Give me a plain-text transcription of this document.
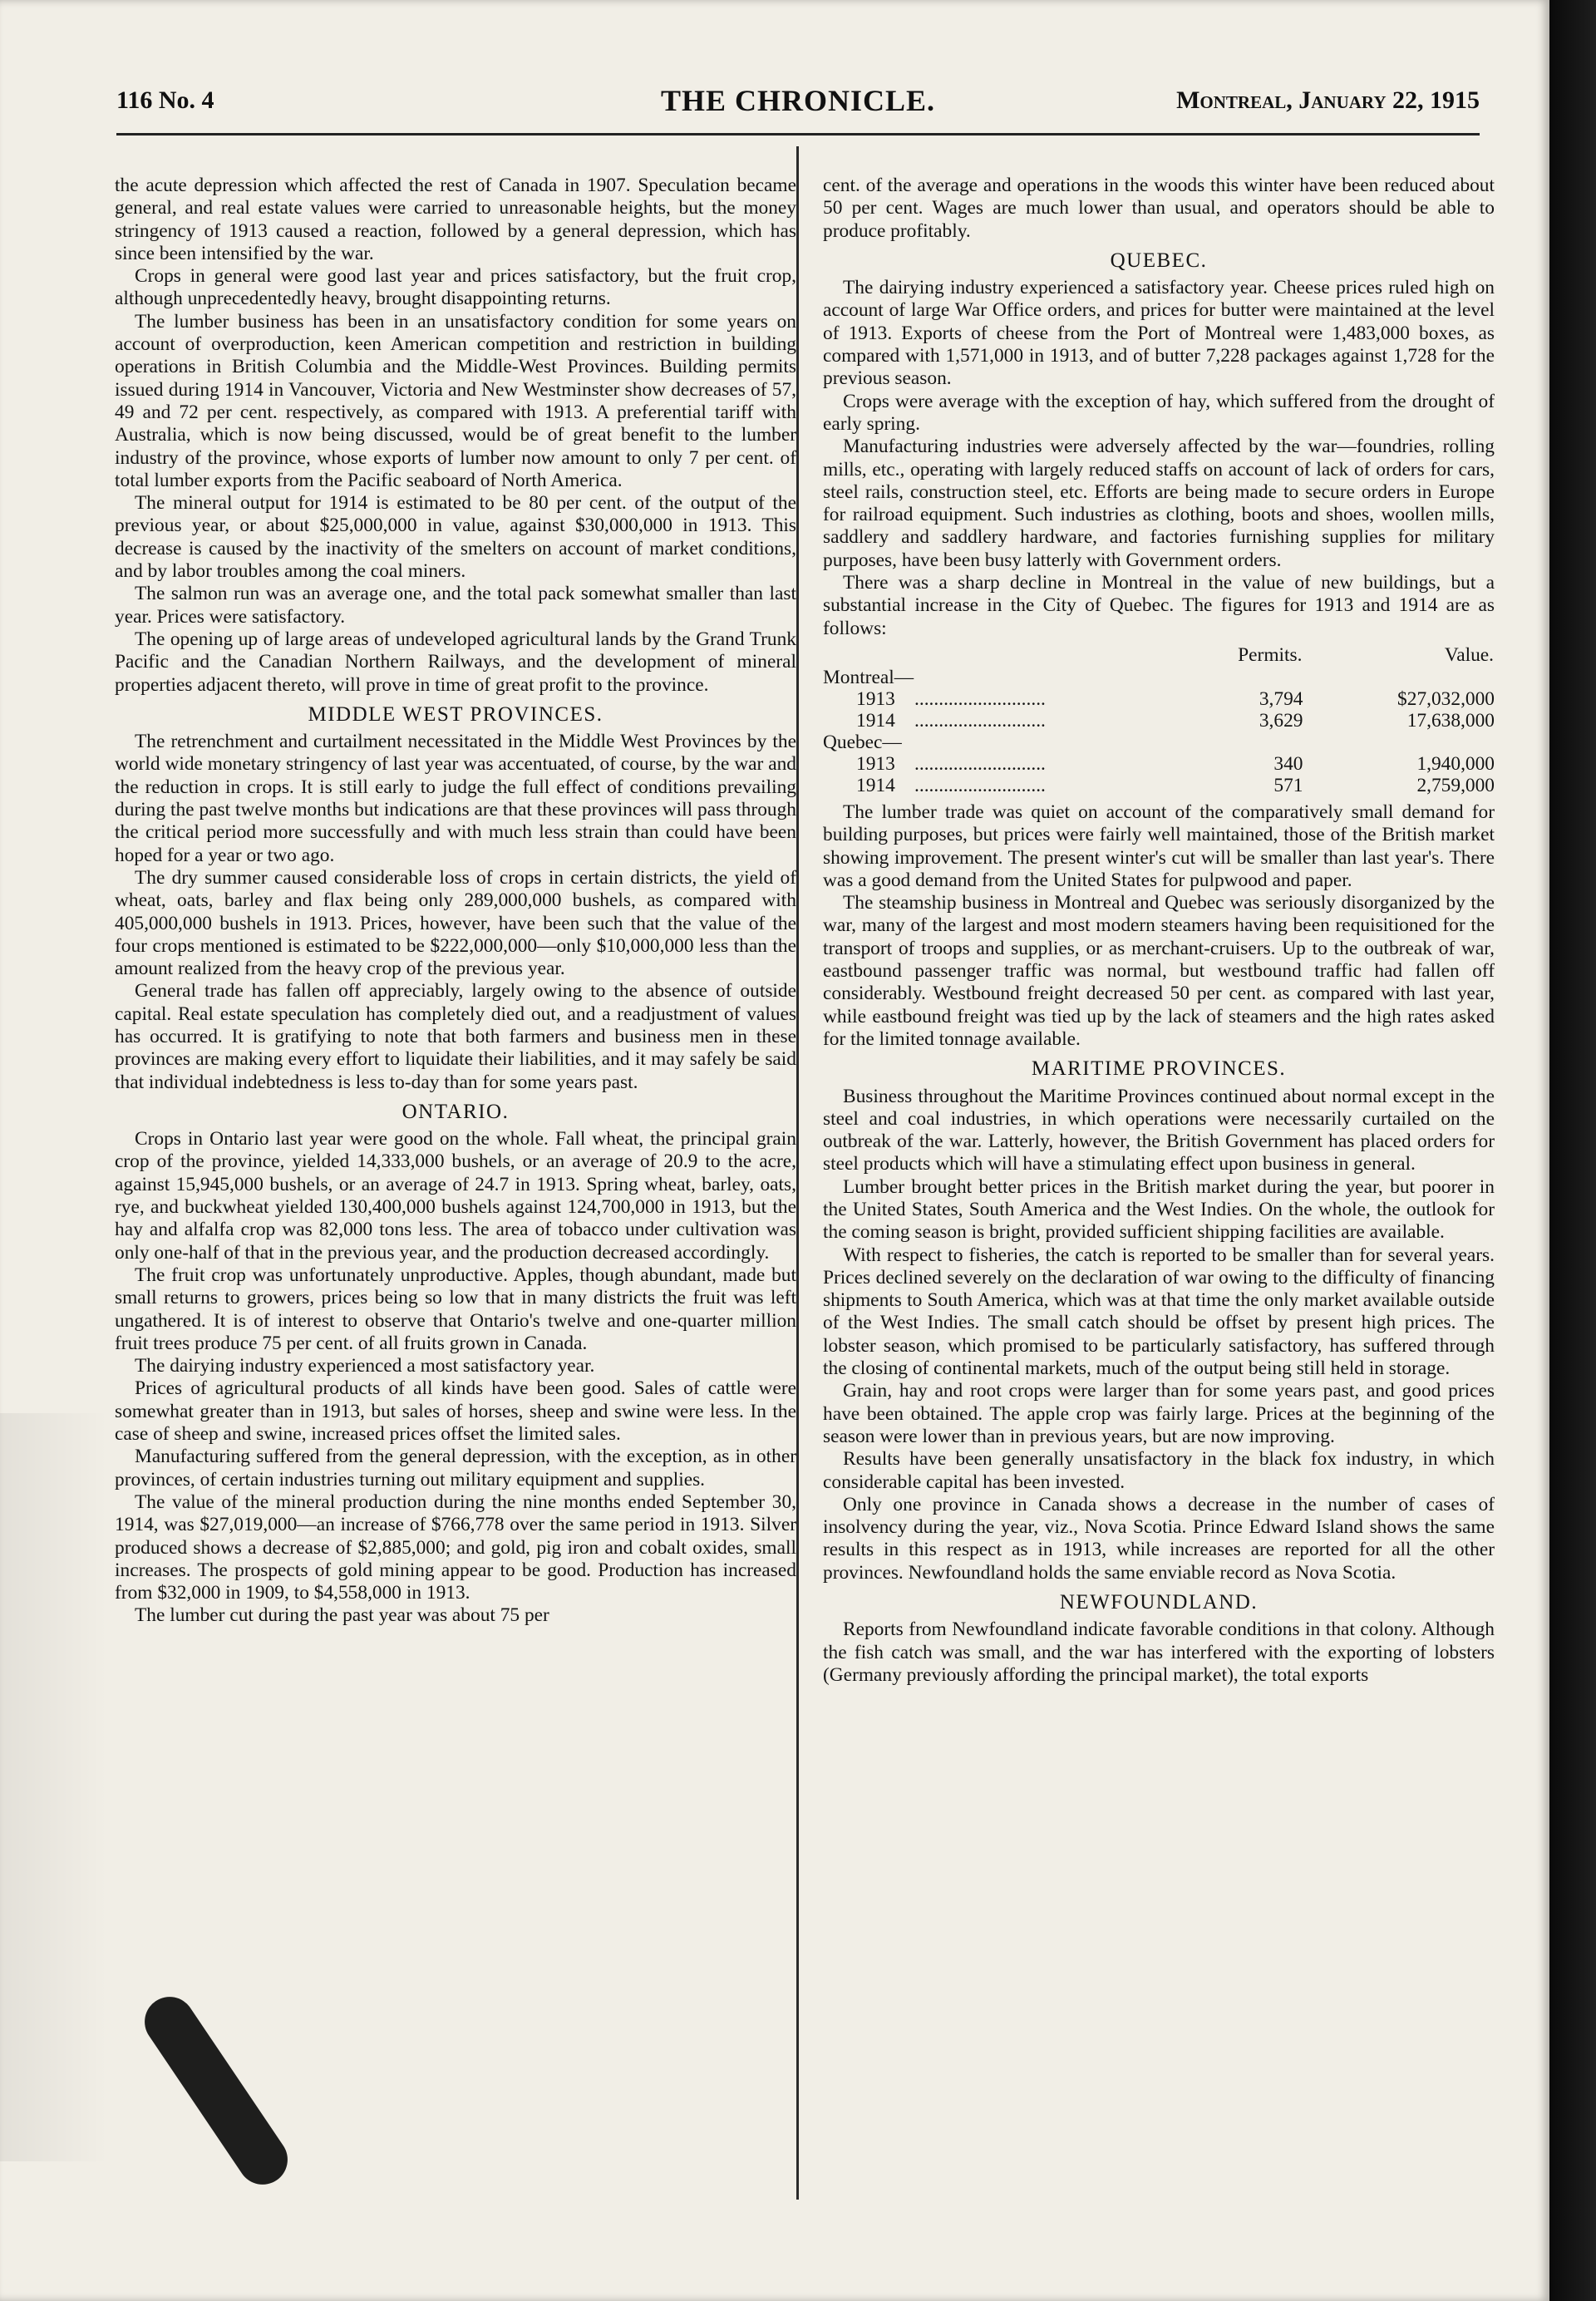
116 No. 4	THE CHRONICLE.	Montreal, January 22, 1915

the acute depression which affected the rest of Canada in 1907. Speculation became general, and real estate values were carried to unreasonable heights, but the money stringency of 1913 caused a reaction, followed by a general depression, which has since been intensified by the war.

Crops in general were good last year and prices satisfactory, but the fruit crop, although unprecedentedly heavy, brought disappointing returns.

The lumber business has been in an unsatisfactory condition for some years on account of overproduction, keen American competition and restriction in building operations in British Columbia and the Middle-West Provinces. Building permits issued during 1914 in Vancouver, Victoria and New Westminster show decreases of 57, 49 and 72 per cent. respectively, as compared with 1913. A preferential tariff with Australia, which is now being discussed, would be of great benefit to the lumber industry of the province, whose exports of lumber now amount to only 7 per cent. of total lumber exports from the Pacific seaboard of North America.

The mineral output for 1914 is estimated to be 80 per cent. of the output of the previous year, or about $25,000,000 in value, against $30,000,000 in 1913. This decrease is caused by the inactivity of the smelters on account of market conditions, and by labor troubles among the coal miners.

The salmon run was an average one, and the total pack somewhat smaller than last year. Prices were satisfactory.

The opening up of large areas of undeveloped agricultural lands by the Grand Trunk Pacific and the Canadian Northern Railways, and the development of mineral properties adjacent thereto, will prove in time of great profit to the province.

MIDDLE WEST PROVINCES.

The retrenchment and curtailment necessitated in the Middle West Provinces by the world wide monetary stringency of last year was accentuated, of course, by the war and the reduction in crops. It is still early to judge the full effect of conditions prevailing during the past twelve months but indications are that these provinces will pass through the critical period more successfully and with much less strain than could have been hoped for a year or two ago.

The dry summer caused considerable loss of crops in certain districts, the yield of wheat, oats, barley and flax being only 289,000,000 bushels, as compared with 405,000,000 bushels in 1913. Prices, however, have been such that the value of the four crops mentioned is estimated to be $222,000,000—only $10,000,000 less than the amount realized from the heavy crop of the previous year.

General trade has fallen off appreciably, largely owing to the absence of outside capital. Real estate speculation has completely died out, and a readjustment of values has occurred. It is gratifying to note that both farmers and business men in these provinces are making every effort to liquidate their liabilities, and it may safely be said that individual indebtedness is less to-day than for some years past.

ONTARIO.

Crops in Ontario last year were good on the whole. Fall wheat, the principal grain crop of the province, yielded 14,333,000 bushels, or an average of 20.9 to the acre, against 15,945,000 bushels, or an average of 24.7 in 1913. Spring wheat, barley, oats, rye, and buckwheat yielded 130,400,000 bushels against 124,700,000 in 1913, but the hay and alfalfa crop was 82,000 tons less. The area of tobacco under cultivation was only one-half of that in the previous year, and the production decreased accordingly.

The fruit crop was unfortunately unproductive. Apples, though abundant, made but small returns to growers, prices being so low that in many districts the fruit was left ungathered. It is of interest to observe that Ontario's twelve and one-quarter million fruit trees produce 75 per cent. of all fruits grown in Canada.

The dairying industry experienced a most satisfactory year.

Prices of agricultural products of all kinds have been good. Sales of cattle were somewhat greater than in 1913, but sales of horses, sheep and swine were less. In the case of sheep and swine, increased prices offset the limited sales.

Manufacturing suffered from the general depression, with the exception, as in other provinces, of certain industries turning out military equipment and supplies.

The value of the mineral production during the nine months ended September 30, 1914, was $27,019,000—an increase of $766,778 over the same period in 1913. Silver produced shows a decrease of $2,885,000; and gold, pig iron and cobalt oxides, small increases. The prospects of gold mining appear to be good. Production has increased from $32,000 in 1909, to $4,558,000 in 1913.

The lumber cut during the past year was about 75 per

cent. of the average and operations in the woods this winter have been reduced about 50 per cent. Wages are much lower than usual, and operators should be able to produce profitably.

QUEBEC.

The dairying industry experienced a satisfactory year. Cheese prices ruled high on account of large War Office orders, and prices for butter were maintained at the level of 1913. Exports of cheese from the Port of Montreal were 1,483,000 boxes, as compared with 1,571,000 in 1913, and of butter 7,228 packages against 1,728 for the previous season.

Crops were average with the exception of hay, which suffered from the drought of early spring.

Manufacturing industries were adversely affected by the war—foundries, rolling mills, etc., operating with largely reduced staffs on account of lack of orders for cars, steel rails, construction steel, etc. Efforts are being made to secure orders in Europe for railroad equipment. Such industries as clothing, boots and shoes, woollen mills, saddlery and saddlery hardware, and factories furnishing supplies for military purposes, have been busy latterly with Government orders.

There was a sharp decline in Montreal in the value of new buildings, but a substantial increase in the City of Quebec. The figures for 1913 and 1914 are as follows:

		Permits.	Value.
Montreal—			
1913	...........................	3,794	$27,032,000
1914	...........................	3,629	17,638,000
Quebec—			
1913	...........................	340	1,940,000
1914	...........................	571	2,759,000

The lumber trade was quiet on account of the comparatively small demand for building purposes, but prices were fairly well maintained, those of the British market showing improvement. The present winter's cut will be smaller than last year's. There was a good demand from the United States for pulpwood and paper.

The steamship business in Montreal and Quebec was seriously disorganized by the war, many of the largest and most modern steamers having been requisitioned for the transport of troops and supplies, or as merchant-cruisers. Up to the outbreak of war, eastbound passenger traffic was normal, but westbound traffic had fallen off considerably. Westbound freight decreased 50 per cent. as compared with last year, while eastbound freight was tied up by the lack of steamers and the high rates asked for the limited tonnage available.

MARITIME PROVINCES.

Business throughout the Maritime Provinces continued about normal except in the steel and coal industries, in which operations were necessarily curtailed on the outbreak of the war. Latterly, however, the British Government has placed orders for steel products which will have a stimulating effect upon business in general.

Lumber brought better prices in the British market during the year, but poorer in the United States, South America and the West Indies. On the whole, the outlook for the coming season is bright, provided sufficient shipping facilities are available.

With respect to fisheries, the catch is reported to be smaller than for several years. Prices declined severely on the declaration of war owing to the difficulty of financing shipments to South America, which was at that time the only market available outside of the West Indies. The small catch should be offset by present high prices. The lobster season, which promised to be particularly satisfactory, has suffered through the closing of continental markets, much of the output being still held in storage.

Grain, hay and root crops were larger than for some years past, and good prices have been obtained. The apple crop was fairly large. Prices at the beginning of the season were lower than in previous years, but are now improving.

Results have been generally unsatisfactory in the black fox industry, in which considerable capital has been invested.

Only one province in Canada shows a decrease in the number of cases of insolvency during the year, viz., Nova Scotia. Prince Edward Island shows the same results in this respect as in 1913, while increases are reported for all the other provinces. Newfoundland holds the same enviable record as Nova Scotia.

NEWFOUNDLAND.

Reports from Newfoundland indicate favorable conditions in that colony. Although the fish catch was small, and the war has interfered with the exporting of lobsters (Germany previously affording the principal market), the total exports
